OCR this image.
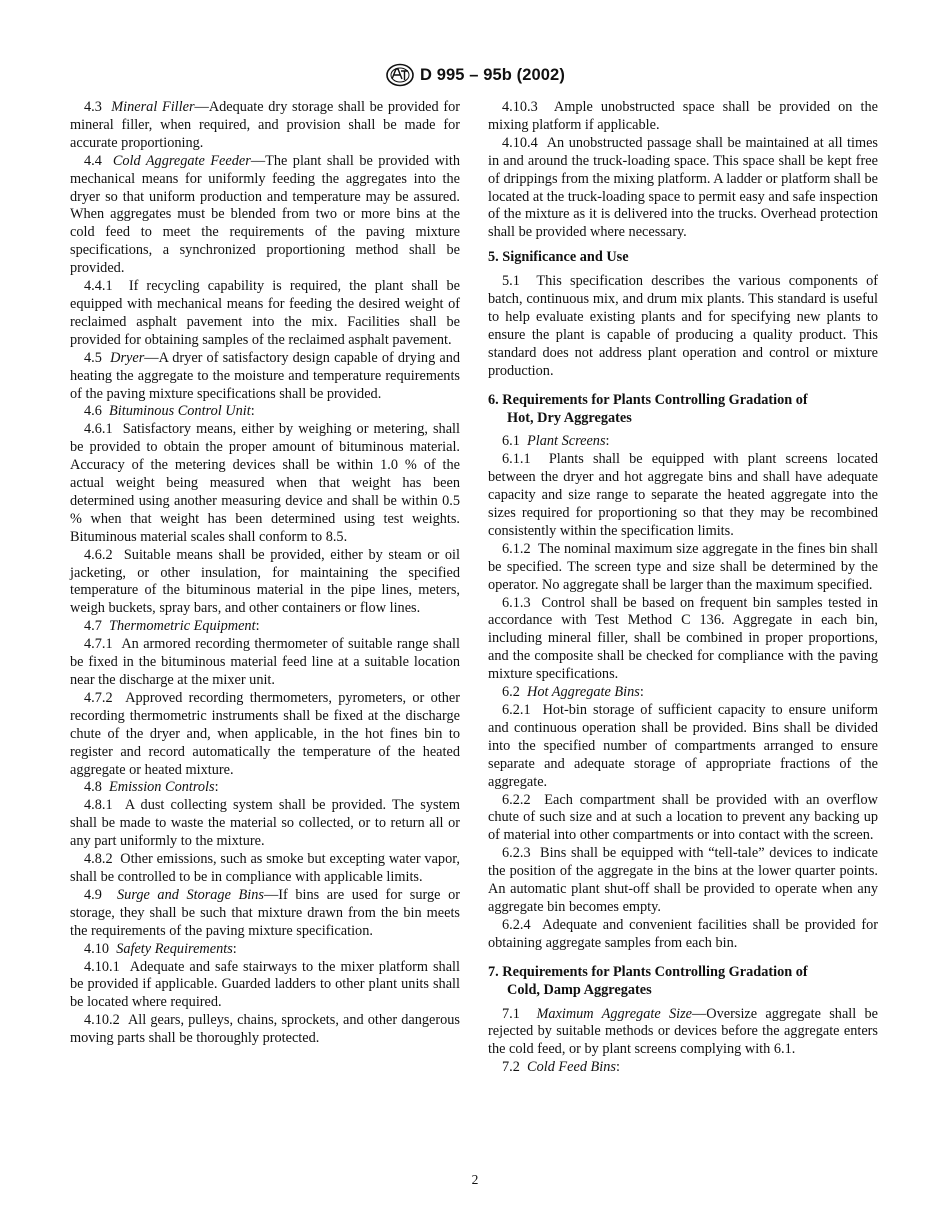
D 995 – 95b (2002)

4.3 Mineral Filler—Adequate dry storage shall be provided for mineral filler, when required, and provision shall be made for accurate proportioning.

4.4 Cold Aggregate Feeder—The plant shall be provided with mechanical means for uniformly feeding the aggregates into the dryer so that uniform production and temperature may be assured. When aggregates must be blended from two or more bins at the cold feed to meet the requirements of the paving mixture specifications, a synchronized proportioning method shall be provided.

4.4.1 If recycling capability is required, the plant shall be equipped with mechanical means for feeding the desired weight of reclaimed asphalt pavement into the mix. Facilities shall be provided for obtaining samples of the reclaimed asphalt pavement.

4.5 Dryer—A dryer of satisfactory design capable of drying and heating the aggregate to the moisture and temperature requirements of the paving mixture specifications shall be provided.

4.6 Bituminous Control Unit:

4.6.1 Satisfactory means, either by weighing or metering, shall be provided to obtain the proper amount of bituminous material. Accuracy of the metering devices shall be within 1.0 % of the actual weight being measured when that weight has been determined using another measuring device and shall be within 0.5 % when that weight has been determined using test weights. Bituminous material scales shall conform to 8.5.

4.6.2 Suitable means shall be provided, either by steam or oil jacketing, or other insulation, for maintaining the specified temperature of the bituminous material in the pipe lines, meters, weigh buckets, spray bars, and other containers or flow lines.

4.7 Thermometric Equipment:

4.7.1 An armored recording thermometer of suitable range shall be fixed in the bituminous material feed line at a suitable location near the discharge at the mixer unit.

4.7.2 Approved recording thermometers, pyrometers, or other recording thermometric instruments shall be fixed at the discharge chute of the dryer and, when applicable, in the hot fines bin to register and record automatically the temperature of the heated aggregate or heated mixture.

4.8 Emission Controls:

4.8.1 A dust collecting system shall be provided. The system shall be made to waste the material so collected, or to return all or any part uniformly to the mixture.

4.8.2 Other emissions, such as smoke but excepting water vapor, shall be controlled to be in compliance with applicable limits.

4.9 Surge and Storage Bins—If bins are used for surge or storage, they shall be such that mixture drawn from the bin meets the requirements of the paving mixture specification.

4.10 Safety Requirements:

4.10.1 Adequate and safe stairways to the mixer platform shall be provided if applicable. Guarded ladders to other plant units shall be located where required.

4.10.2 All gears, pulleys, chains, sprockets, and other dangerous moving parts shall be thoroughly protected.

4.10.3 Ample unobstructed space shall be provided on the mixing platform if applicable.

4.10.4 An unobstructed passage shall be maintained at all times in and around the truck-loading space. This space shall be kept free of drippings from the mixing platform. A ladder or platform shall be located at the truck-loading space to permit easy and safe inspection of the mixture as it is delivered into the trucks. Overhead protection shall be provided where necessary.

5. Significance and Use

5.1 This specification describes the various components of batch, continuous mix, and drum mix plants. This standard is useful to help evaluate existing plants and for specifying new plants to ensure the plant is capable of producing a quality product. This standard does not address plant operation and control or mixture production.

6. Requirements for Plants Controlling Gradation of
Hot, Dry Aggregates

6.1 Plant Screens:

6.1.1 Plants shall be equipped with plant screens located between the dryer and hot aggregate bins and shall have adequate capacity and size range to separate the heated aggregate into the sizes required for proportioning so that they may be recombined consistently within the specification limits.

6.1.2 The nominal maximum size aggregate in the fines bin shall be specified. The screen type and size shall be determined by the operator. No aggregate shall be larger than the maximum specified.

6.1.3 Control shall be based on frequent bin samples tested in accordance with Test Method C 136. Aggregate in each bin, including mineral filler, shall be combined in proper proportions, and the composite shall be checked for compliance with the paving mixture specifications.

6.2 Hot Aggregate Bins:

6.2.1 Hot-bin storage of sufficient capacity to ensure uniform and continuous operation shall be provided. Bins shall be divided into the specified number of compartments arranged to ensure separate and adequate storage of appropriate fractions of the aggregate.

6.2.2 Each compartment shall be provided with an overflow chute of such size and at such a location to prevent any backing up of material into other compartments or into contact with the screen.

6.2.3 Bins shall be equipped with “tell-tale” devices to indicate the position of the aggregate in the bins at the lower quarter points. An automatic plant shut-off shall be provided to operate when any aggregate bin becomes empty.

6.2.4 Adequate and convenient facilities shall be provided for obtaining aggregate samples from each bin.

7. Requirements for Plants Controlling Gradation of
Cold, Damp Aggregates

7.1 Maximum Aggregate Size—Oversize aggregate shall be rejected by suitable methods or devices before the aggregate enters the cold feed, or by plant screens complying with 6.1.

7.2 Cold Feed Bins:

2
